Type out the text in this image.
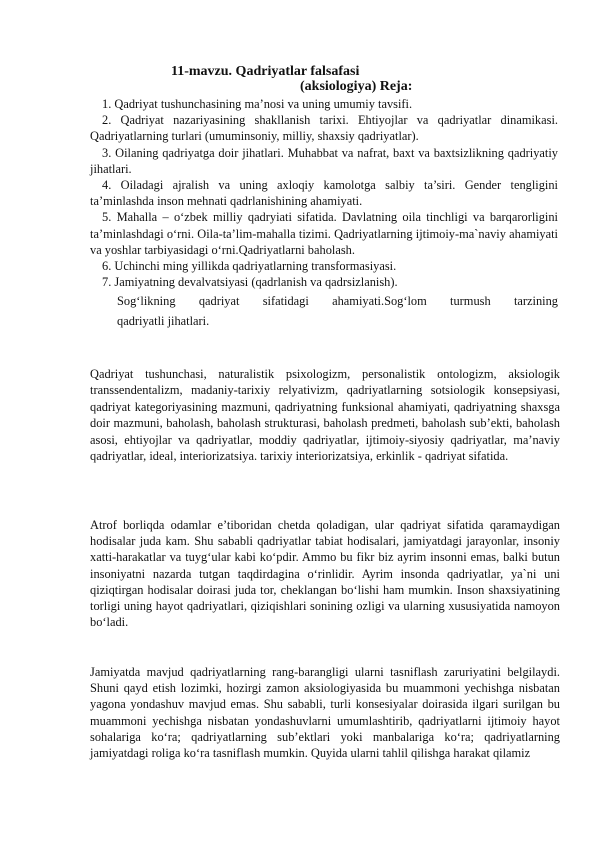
11-mavzu. Qadriyatlar falsafasi
(aksiologiya) Reja:

1. Qadriyat tushunchasining ma’nosi va uning umumiy tavsifi.

2. Qadriyat nazariyasining shakllanish tarixi. Ehtiyojlar va qadriyatlar dinamikasi. Qadriyatlarning turlari (umuminsoniy, milliy, shaxsiy qadriyatlar).

3. Oilaning qadriyatga doir jihatlari. Muhabbat va nafrat, baxt va baxtsizlikning qadriyatiy jihatlari.

4. Oiladagi ajralish va uning axloqiy kamolotga salbiy ta’siri. Gender tengligini ta’minlashda inson mehnati qadrlanishining ahamiyati.

5. Mahalla – o‘zbek milliy qadryiati sifatida. Davlatning oila tinchligi va barqarorligini ta’minlashdagi o‘rni. Oila-ta’lim-mahalla tizimi. Qadriyatlarning ijtimoiy-ma`naviy ahamiyati va yoshlar tarbiyasidagi o‘rni.Qadriyatlarni baholash.

6. Uchinchi ming yillikda qadriyatlarning transformasiyasi.

7. Jamiyatning devalvatsiyasi (qadrlanish va qadrsizlanish).

Sog‘likning qadriyat sifatidagi ahamiyati.Sog‘lom turmush tarzining
qadriyatli jihatlari.

Qadriyat tushunchasi, naturalistik psixologizm, personalistik ontologizm, aksiologik transsendentalizm, madaniy-tarixiy relyativizm, qadriyatlarning sotsiologik konsepsiyasi, qadriyat kategoriyasining mazmuni, qadriyatning funksional ahamiyati, qadriyatning shaxsga doir mazmuni, baholash, baholash strukturasi, baholash predmeti, baholash sub’ekti, baholash asosi, ehtiyojlar va qadriyatlar, moddiy qadriyatlar, ijtimoiy-siyosiy qadriyatlar, ma’naviy qadriyatlar, ideal, interiorizatsiya. tarixiy interiorizatsiya, erkinlik - qadriyat sifatida.

Atrof borliqda odamlar e’tiboridan chetda qoladigan, ular qadriyat sifatida qaramaydigan hodisalar juda kam. Shu sababli qadriyatlar tabiat hodisalari, jamiyatdagi jarayonlar, insoniy xatti-harakatlar va tuyg‘ular kabi ko‘pdir. Ammo bu fikr biz ayrim insonni emas, balki butun insoniyatni nazarda tutgan taqdirdagina o‘rinlidir. Ayrim insonda qadriyatlar, ya`ni uni qiziqtirgan hodisalar doirasi juda tor, cheklangan bo‘lishi ham mumkin. Inson shaxsiyatining torligi uning hayot qadriyatlari, qiziqishlari sonining ozligi va ularning xususiyatida namoyon bo‘ladi.

Jamiyatda mavjud qadriyatlarning rang-barangligi ularni tasniflash zaruriyatini belgilaydi. Shuni qayd etish lozimki, hozirgi zamon aksiologiyasida bu muammoni yechishga nisbatan yagona yondashuv mavjud emas. Shu sababli, turli konsesiyalar doirasida ilgari surilgan bu muammoni yechishga nisbatan yondashuvlarni umumlashtirib, qadriyatlarni ijtimoiy hayot sohalariga ko‘ra; qadriyatlarning sub’ektlari yoki manbalariga ko‘ra; qadriyatlarning jamiyatdagi roliga ko‘ra tasniflash mumkin. Quyida ularni tahlil qilishga harakat qilamiz
